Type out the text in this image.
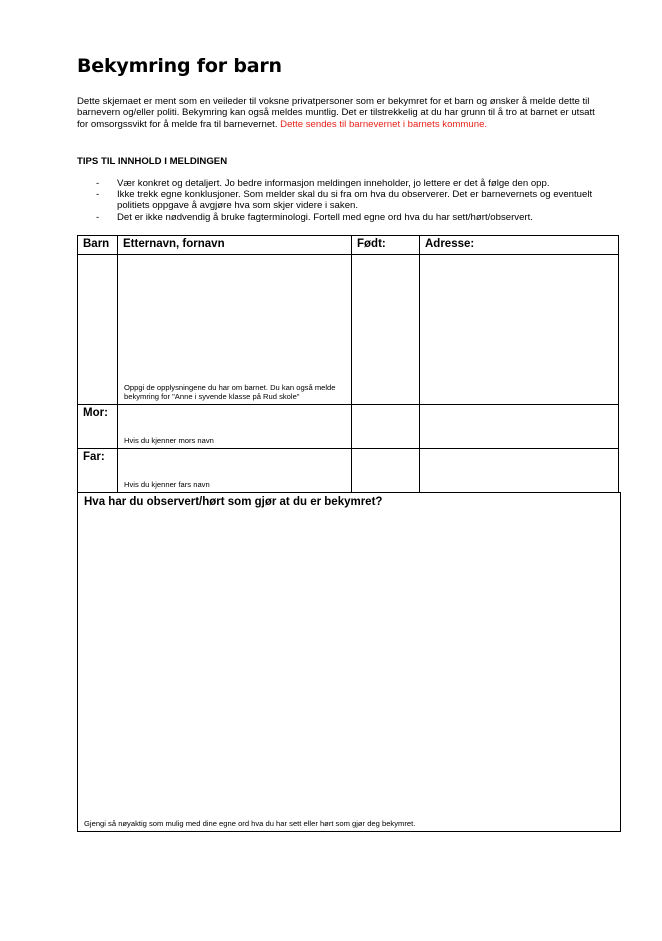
Bekymring for barn
Dette skjemaet er ment som en veileder til voksne privatpersoner som er bekymret for et barn og ønsker å melde dette til barnevern og/eller politi. Bekymring kan også meldes muntlig. Det er tilstrekkelig at du har grunn til å tro at barnet er utsatt for omsorgssvikt for å melde fra til barnevernet. Dette sendes til barnevernet i barnets kommune.
TIPS TIL INNHOLD I MELDINGEN
- Vær konkret og detaljert. Jo bedre informasjon meldingen inneholder, jo lettere er det å følge den opp.
- Ikke trekk egne konklusjoner. Som melder skal du si fra om hva du observerer. Det er barnevernets og eventuelt politiets oppgave å avgjøre hva som skjer videre i saken.
- Det er ikke nødvendig å bruke fagterminologi. Fortell med egne ord hva du har sett/hørt/observert.
Barn	Etternavn, fornavn	Født:	Adresse:

	Oppgi de opplysningene du har om barnet. Du kan også melde bekymring for "Anne i syvende klasse på Rud skole"		

Mor:	Hvis du kjenner mors navn		

Far:	Hvis du kjenner fars navn		

Hva har du observert/hørt som gjør at du er bekymret?
Gjengi så nøyaktig som mulig med dine egne ord hva du har sett eller hørt som gjør deg bekymret.
